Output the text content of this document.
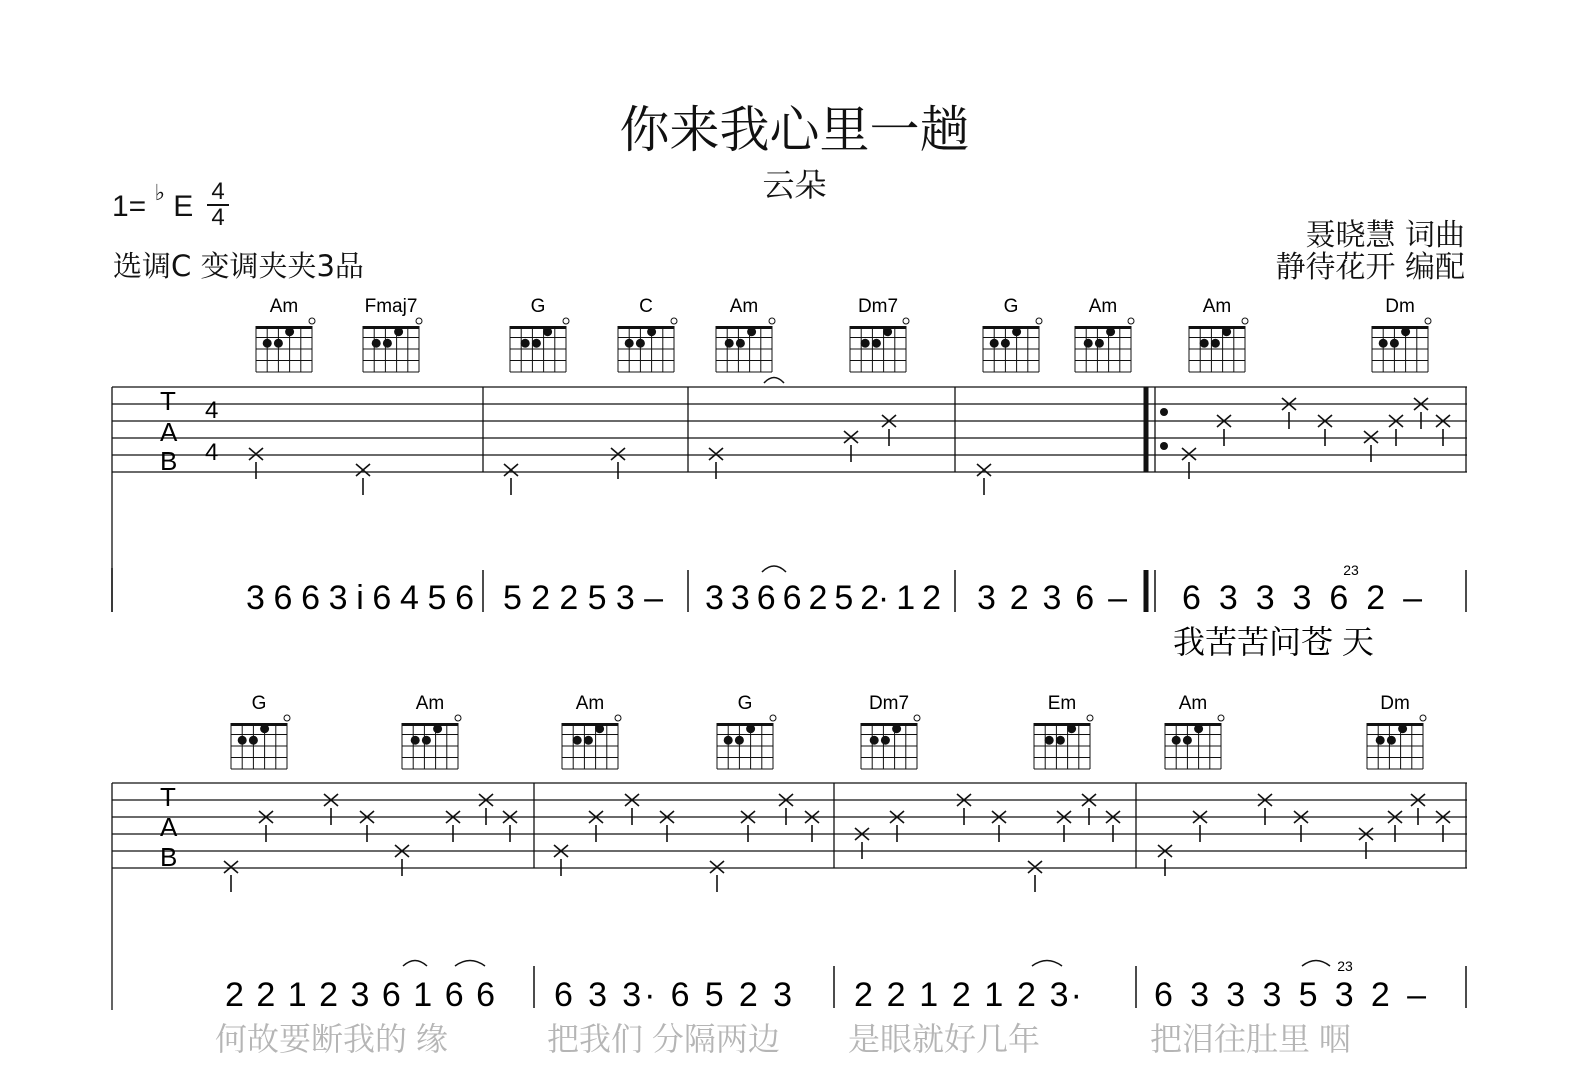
你来我心里一趟
云朵
1= ♭ E 4
4
选调C 变调夹夹3品
聂晓慧 词曲
静待花开 编配
Am	Fmaj7	G	C	Am	Dm7	G	Am	Am	Dm
G	Am	Am	G	Dm7	Em	Am	Dm
T
A
B
4
4
T
A
B
3 6 6 3 i 6 4 5 6 5 2 2 5 3 – 3 3 6 6 2 5 2· 1 2 3 2 3 6 – 6 3 3 3 6 2 –
23
我苦苦问苍 天
2 2 1 2 3 6 1 6 6 6 3 3· 6 5 2 3 2 2 1 2 1 2 3· 6 3 3 3 5 3 2 –
23
何故要断我的 缘	把我们 分隔两边 是眼就好几年	把泪往肚里 咽
